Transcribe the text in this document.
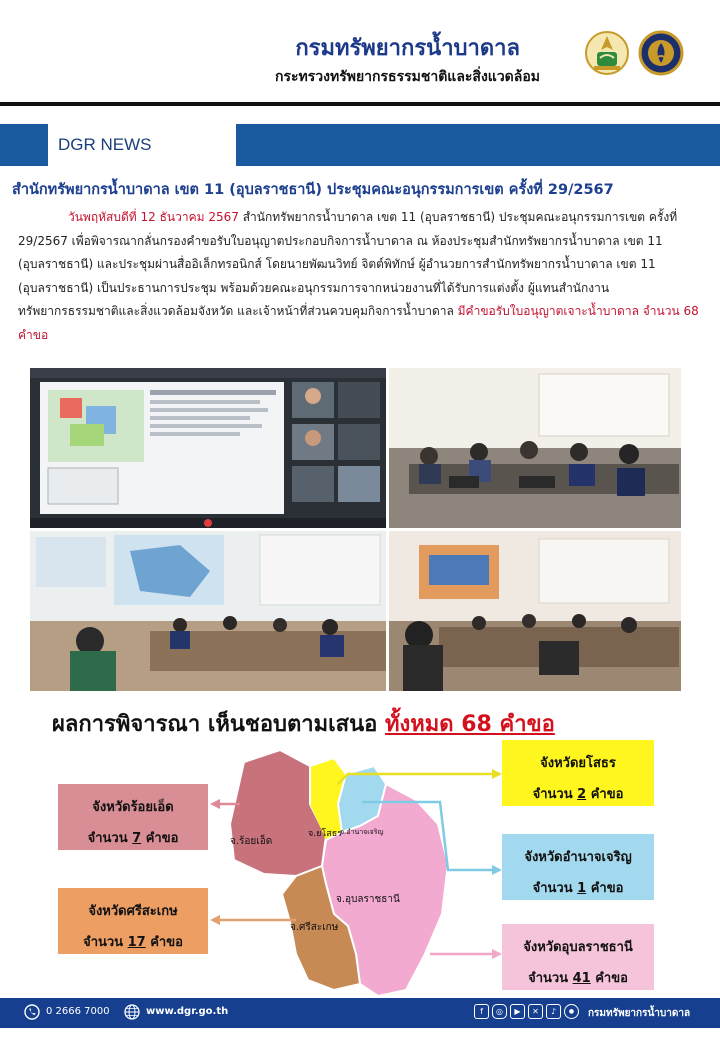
กรมทรัพยากรน้ำบาดาล
กระทรวงทรัพยากรธรรมชาติและสิ่งแวดล้อม
DGR NEWS
สำนักทรัพยากรน้ำบาดาล เขต 11 (อุบลราชธานี) ประชุมคณะอนุกรรมการเขต ครั้งที่ 29/2567
วันพฤหัสบดีที่ 12 ธันวาคม 2567 สำนักทรัพยากรน้ำบาดาล เขต 11 (อุบลราชธานี) ประชุมคณะอนุกรรมการเขต ครั้งที่ 29/2567 เพื่อพิจารณากลั่นกรองคำขอรับใบอนุญาตประกอบกิจการน้ำบาดาล ณ ห้องประชุมสำนักทรัพยากรน้ำบาดาล เขต 11 (อุบลราชธานี) และประชุมผ่านสื่ออิเล็กทรอนิกส์ โดยนายพัฒนวิทย์ จิตต์พิทักษ์ ผู้อำนวยการสำนักทรัพยากรน้ำบาดาล เขต 11 (อุบลราชธานี) เป็นประธานการประชุม พร้อมด้วยคณะอนุกรรมการจากหน่วยงานที่ได้รับการแต่งตั้ง ผู้แทนสำนักงานทรัพยากรธรรมชาติและสิ่งแวดล้อมจังหวัด และเจ้าหน้าที่ส่วนควบคุมกิจการน้ำบาดาล มีคำขอรับใบอนุญาตเจาะน้ำบาดาล จำนวน 68 คำขอ
ผลการพิจารณา เห็นชอบตามเสนอ ทั้งหมด 68 คำขอ
จ.ร้อยเอ็ด
จ.ยโสธร
จ.อำนาจเจริญ
จ.อุบลราชธานี
จ.ศรีสะเกษ
จังหวัดร้อยเอ็ด
จำนวน 7 คำขอ
จังหวัดศรีสะเกษ
จำนวน 17 คำขอ
จังหวัดยโสธร
จำนวน 2 คำขอ
จังหวัดอำนาจเจริญ
จำนวน 1 คำขอ
จังหวัดอุบลราชธานี
จำนวน 41 คำขอ
0 2666 7000	www.dgr.go.th	f	◎	▶	✕	♪	●	กรมทรัพยากรน้ำบาดาล
